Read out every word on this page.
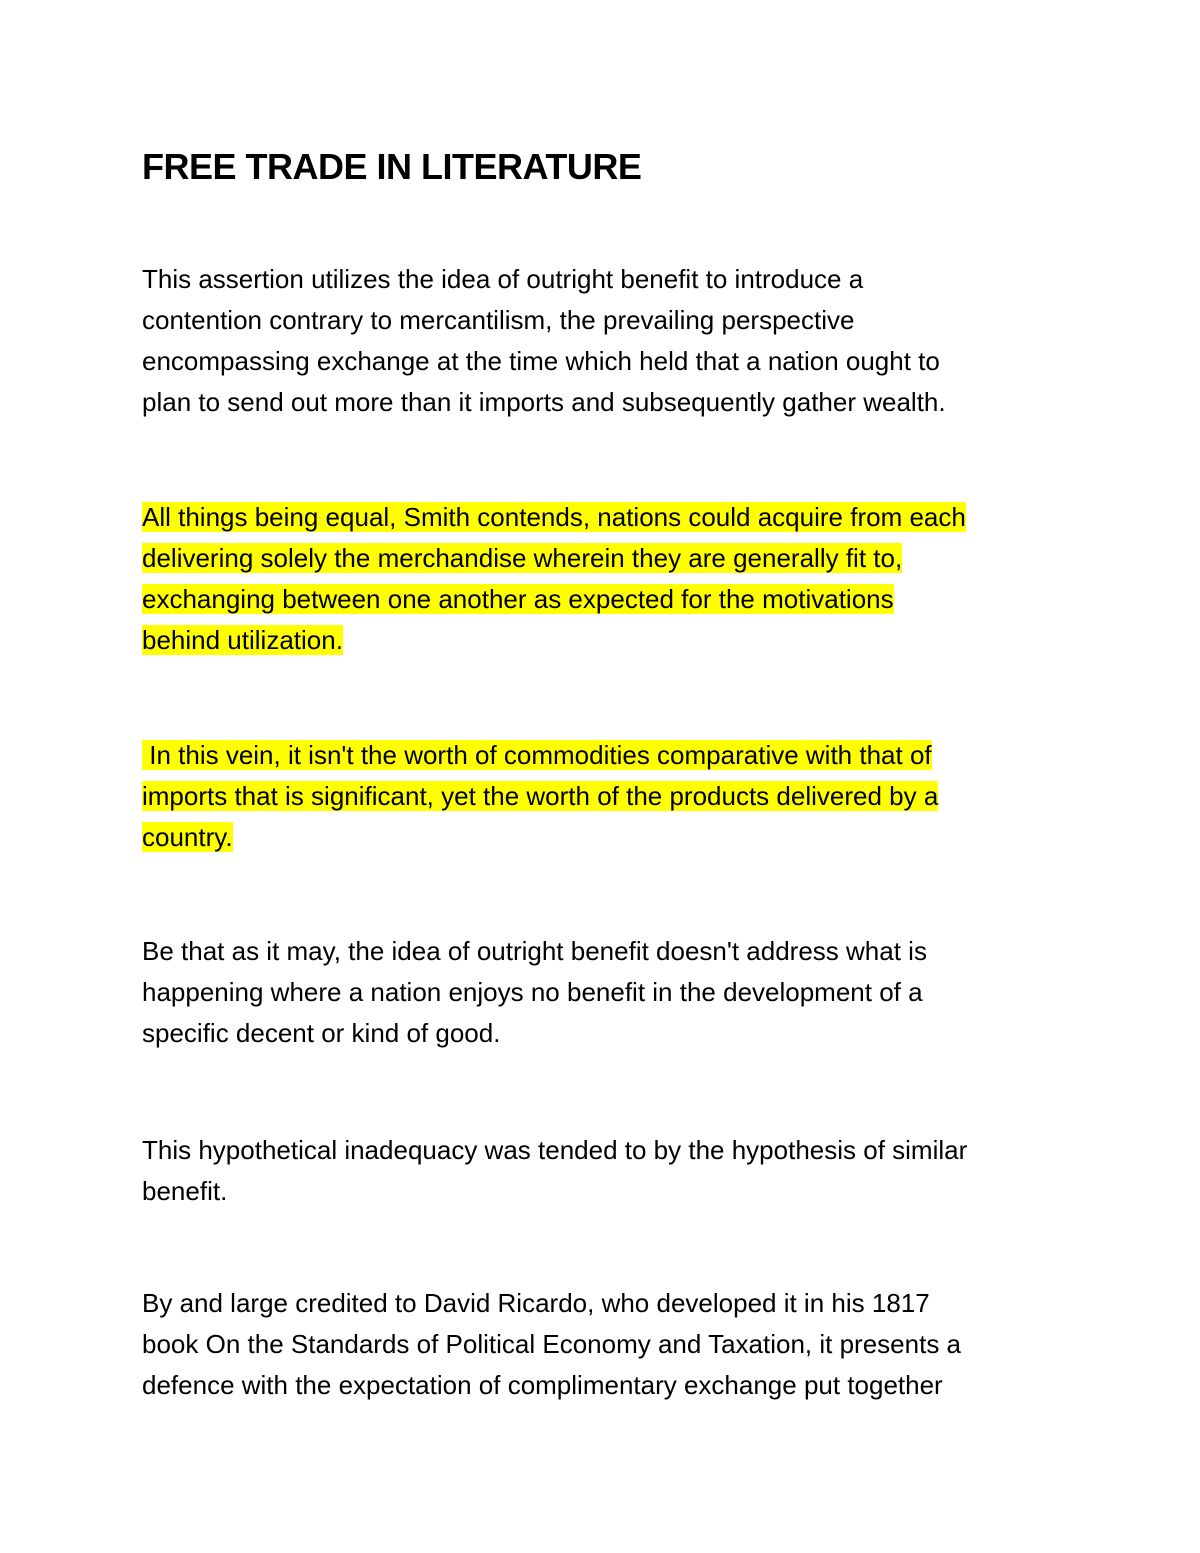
FREE TRADE IN LITERATURE
This assertion utilizes the idea of outright benefit to introduce a
contention contrary to mercantilism, the prevailing perspective
encompassing exchange at the time which held that a nation ought to
plan to send out more than it imports and subsequently gather wealth.
All things being equal, Smith contends, nations could acquire from each
delivering solely the merchandise wherein they are generally fit to,
exchanging between one another as expected for the motivations
behind utilization.
In this vein, it isn't the worth of commodities comparative with that of
imports that is significant, yet the worth of the products delivered by a
country.
Be that as it may, the idea of outright benefit doesn't address what is
happening where a nation enjoys no benefit in the development of a
specific decent or kind of good.
This hypothetical inadequacy was tended to by the hypothesis of similar
benefit.
By and large credited to David Ricardo, who developed it in his 1817
book On the Standards of Political Economy and Taxation, it presents a
defence with the expectation of complimentary exchange put together
